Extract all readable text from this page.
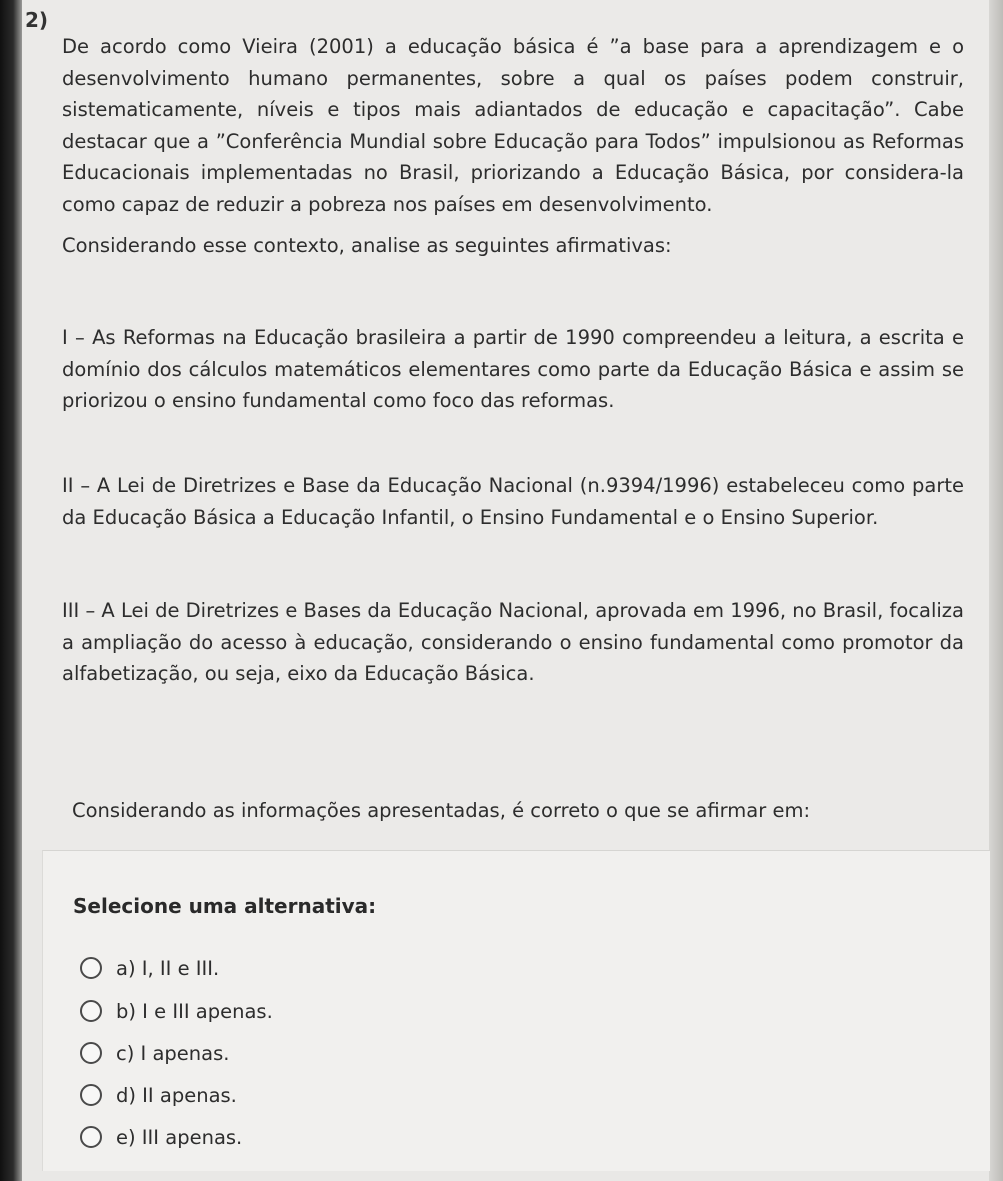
2)

De acordo como Vieira (2001) a educação básica é ”a base para a aprendizagem e o desenvolvimento humano permanentes, sobre a qual os países podem construir, sistematicamente, níveis e tipos mais adiantados de educação e capacitação”. Cabe destacar que a ”Conferência Mundial sobre Educação para Todos” impulsionou as Reformas Educacionais implementadas no Brasil, priorizando a Educação Básica, por considera-la como capaz de reduzir a pobreza nos países em desenvolvimento.

Considerando esse contexto, analise as seguintes afirmativas:

I – As Reformas na Educação brasileira a partir de 1990 compreendeu a leitura, a escrita e domínio dos cálculos matemáticos elementares como parte da Educação Básica e assim se priorizou o ensino fundamental como foco das reformas.

II – A Lei de Diretrizes e Base da Educação Nacional (n.9394/1996) estabeleceu como parte da Educação Básica a Educação Infantil, o Ensino Fundamental e o Ensino Superior.

III – A Lei de Diretrizes e Bases da Educação Nacional, aprovada em 1996, no Brasil, focaliza a ampliação do acesso à educação, considerando o ensino fundamental como promotor da alfabetização, ou seja, eixo da Educação Básica.

Considerando as informações apresentadas, é correto o que se afirmar em:

Selecione uma alternativa:
a) I, II e III.
b) I e III apenas.
c) I apenas.
d) II apenas.
e) III apenas.
